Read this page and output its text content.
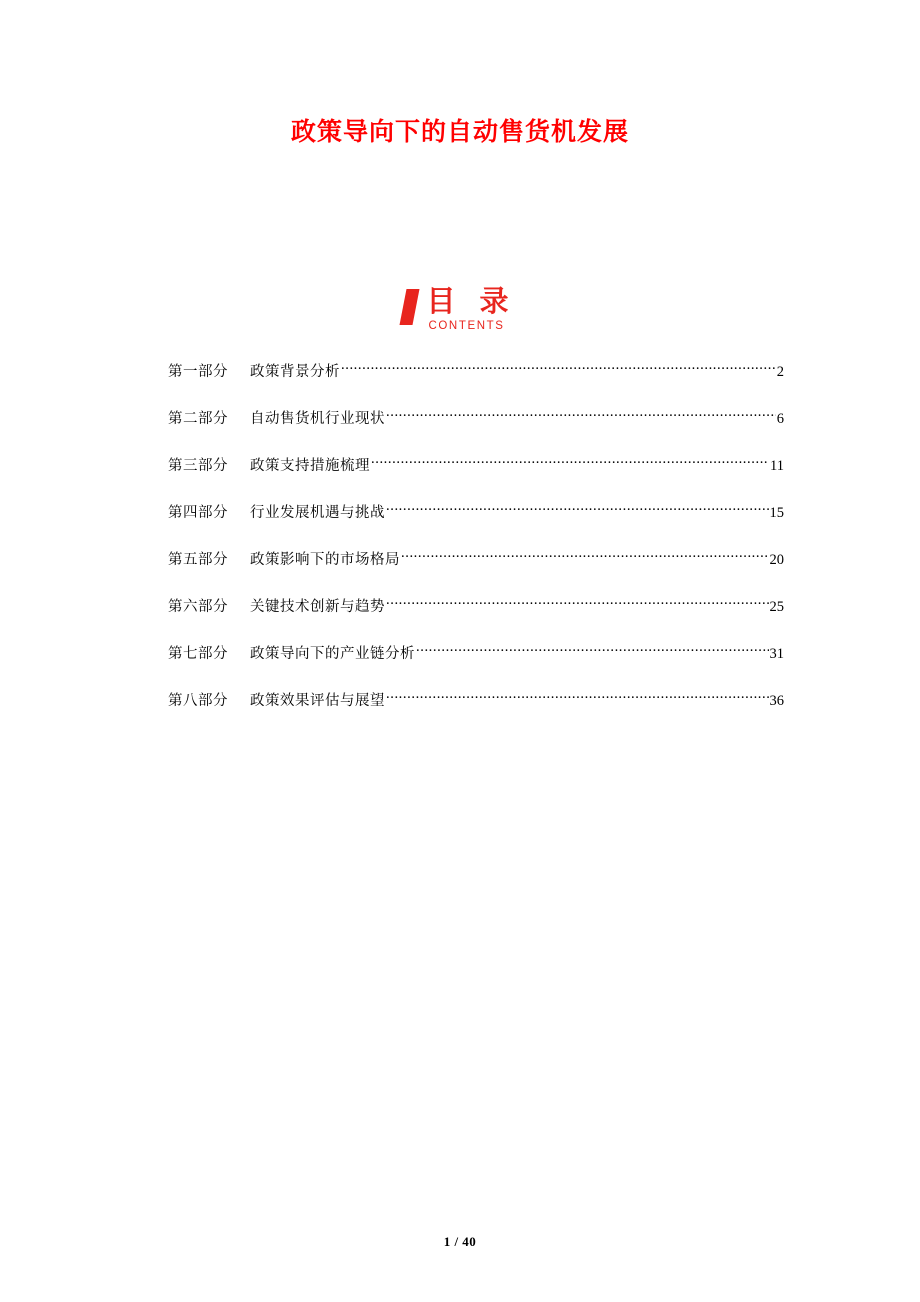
政策导向下的自动售货机发展

目 录
CONTENTS
第一部分	政策背景分析 .....	2
第二部分	自动售货机行业现状 .....	6
第三部分	政策支持措施梳理 .....	11
第四部分	行业发展机遇与挑战 .....	15
第五部分	政策影响下的市场格局 .....	20
第六部分	关键技术创新与趋势 .....	25
第七部分	政策导向下的产业链分析 .....	31
第八部分	政策效果评估与展望 .....	36
1 / 40
